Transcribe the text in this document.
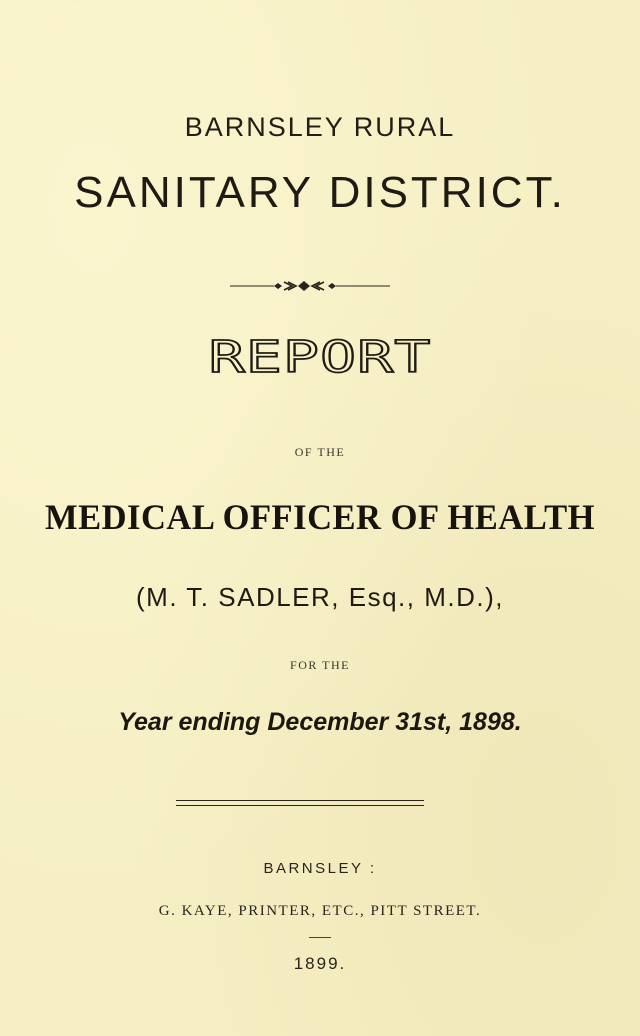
BARNSLEY RURAL
SANITARY DISTRICT.
REPORT
OF THE
MEDICAL OFFICER OF HEALTH
(M. T. SADLER, Esq., M.D.),
FOR THE
Year ending December 31st, 1898.
BARNSLEY :
G. KAYE, PRINTER, ETC., PITT STREET.
1899.
